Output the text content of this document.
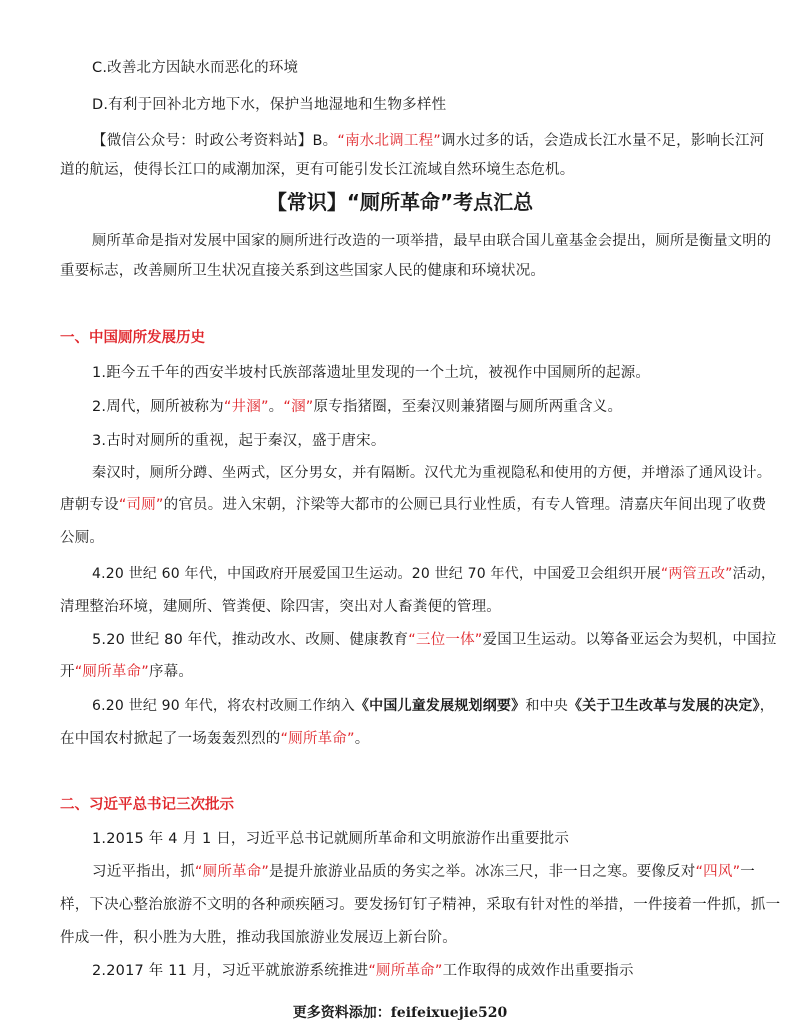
C.改善北方因缺水而恶化的环境
D.有利于回补北方地下水，保护当地湿地和生物多样性
【微信公众号：时政公考资料站】B。“南水北调工程”调水过多的话，会造成长江水量不足，影响长江河
道的航运，使得长江口的咸潮加深，更有可能引发长江流域自然环境生态危机。
【常识】“厕所革命”考点汇总
厕所革命是指对发展中国家的厕所进行改造的一项举措，最早由联合国儿童基金会提出，厕所是衡量文明的
重要标志，改善厕所卫生状况直接关系到这些国家人民的健康和环境状况。
一、中国厕所发展历史
1.距今五千年的西安半坡村氏族部落遗址里发现的一个土坑，被视作中国厕所的起源。
2.周代，厕所被称为“井溷”。“溷”原专指猪圈，至秦汉则兼猪圈与厕所两重含义。
3.古时对厕所的重视，起于秦汉，盛于唐宋。
秦汉时，厕所分蹲、坐两式，区分男女，并有隔断。汉代尤为重视隐私和使用的方便，并增添了通风设计。
唐朝专设“司厕”的官员。进入宋朝，汴梁等大都市的公厕已具行业性质，有专人管理。清嘉庆年间出现了收费
公厕。
4.20 世纪 60 年代，中国政府开展爱国卫生运动。20 世纪 70 年代，中国爱卫会组织开展“两管五改”活动，
清理整治环境，建厕所、管粪便、除四害，突出对人畜粪便的管理。
5.20 世纪 80 年代，推动改水、改厕、健康教育“三位一体”爱国卫生运动。以筹备亚运会为契机，中国拉
开“厕所革命”序幕。
6.20 世纪 90 年代，将农村改厕工作纳入《中国儿童发展规划纲要》和中央《关于卫生改革与发展的决定》，
在中国农村掀起了一场轰轰烈烈的“厕所革命”。
二、习近平总书记三次批示
1.2015 年 4 月 1 日，习近平总书记就厕所革命和文明旅游作出重要批示
习近平指出，抓“厕所革命”是提升旅游业品质的务实之举。冰冻三尺，非一日之寒。要像反对“四风”一
样，下决心整治旅游不文明的各种顽疾陋习。要发扬钉钉子精神，采取有针对性的举措，一件接着一件抓，抓一
件成一件，积小胜为大胜，推动我国旅游业发展迈上新台阶。
2.2017 年 11 月，习近平就旅游系统推进“厕所革命”工作取得的成效作出重要指示
更多资料添加：feifeixuejie520
